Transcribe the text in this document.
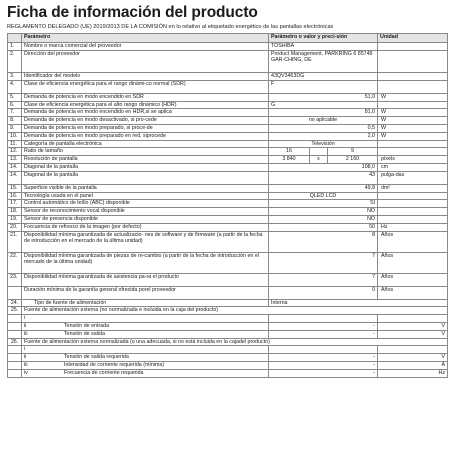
Ficha de información del producto
REGLAMENTO DELEGADO (UE) 2019/2013 DE LA COMISIÓN en lo relativo al etiquetado energético de las pantallas electrónicas
	Parámetro	Parámetro o valor y preci-sión			Unidad
1.	Nombre o marca comercial del proveedor	TOSHIBA			
2.	Dirección del proveedor	Product Management, PARKRING 6 85748 GAR-CHING, DE			
3.	Identificador del modelo	43QV3463DG			
4.	Clase de eficiencia energética para el rango dinámi-co normal (SDR)	F			
5.	Demanda de potencia en modo encendido en SDR	51,0			W
6.	Clase de eficiencia energética para el alto rango dinámico (HDR)	G			
7.	Demanda de potencia en modo encendido en HDR,si se aplica	81,0			W
8.	Demanda de potencia en modo desactivado, si pro-cede	no aplicable			W
9.	Demanda de potencia en modo preparado, si proce-de	0,5			W
10.	Demanda de potencia en modo preparado en red, siprocede	2,0			W
11.	Categoría de pantalla electrónica	Televisión			
12.	Ratio de tamaño	16		9	
13.	Resolución de pantalla	3 840	x	2 160	píxels
14.	Diagonal de la pantalla	108,0			cm
14.	Diagonal de la pantalla	43			pulga-das
15.	Superficie visible de la pantalla	49,8			dm²
16.	Tecnología usada en el panel	QLED LCD			
17.	Control automático de brillo (ABC) disponible	SI			
18.	Sensor de reconocimiento vocal disponible	NO			
19.	Sensor de presencia disponible	NO			
20.	Frecuencia de refresco de la imagen (por defecto)	50			Hz
21.	Disponibilidad mínima garantizada de actualizacio- nes de software y de firmware (a partir de la fecha de introducción en el mercado de la última unidad)	8			Años
22.	Disponibilidad mínima garantizada de piezas de re-cambio (a partir de la fecha de introducción en el mercado de la última unidad)	7			Años
23.	Disponibilidad mínima garantizada de asistencia pa-ra el producto	7			Años
	Duración mínima de la garantía general ofrecida porel proveedor	0			Años
24.	Tipo de fuente de alimentación	Interna			
25.	Fuente de alimentación externa (no normalizada e incluida en la caja del producto)				
	i				
	ii Tensión de entrada	-			V
	iii Tensión de salida	-			V
26.	Fuente de alimentación externa normalizada (o una adecuada, si no está incluida en la cajadel producto)				
	i				
	ii Tensión de salida requerida	-			V
	iii Intensidad de corriente requerida (mínima)	-			A
	iv Frecuencia de corriente requerida	-			Hz
